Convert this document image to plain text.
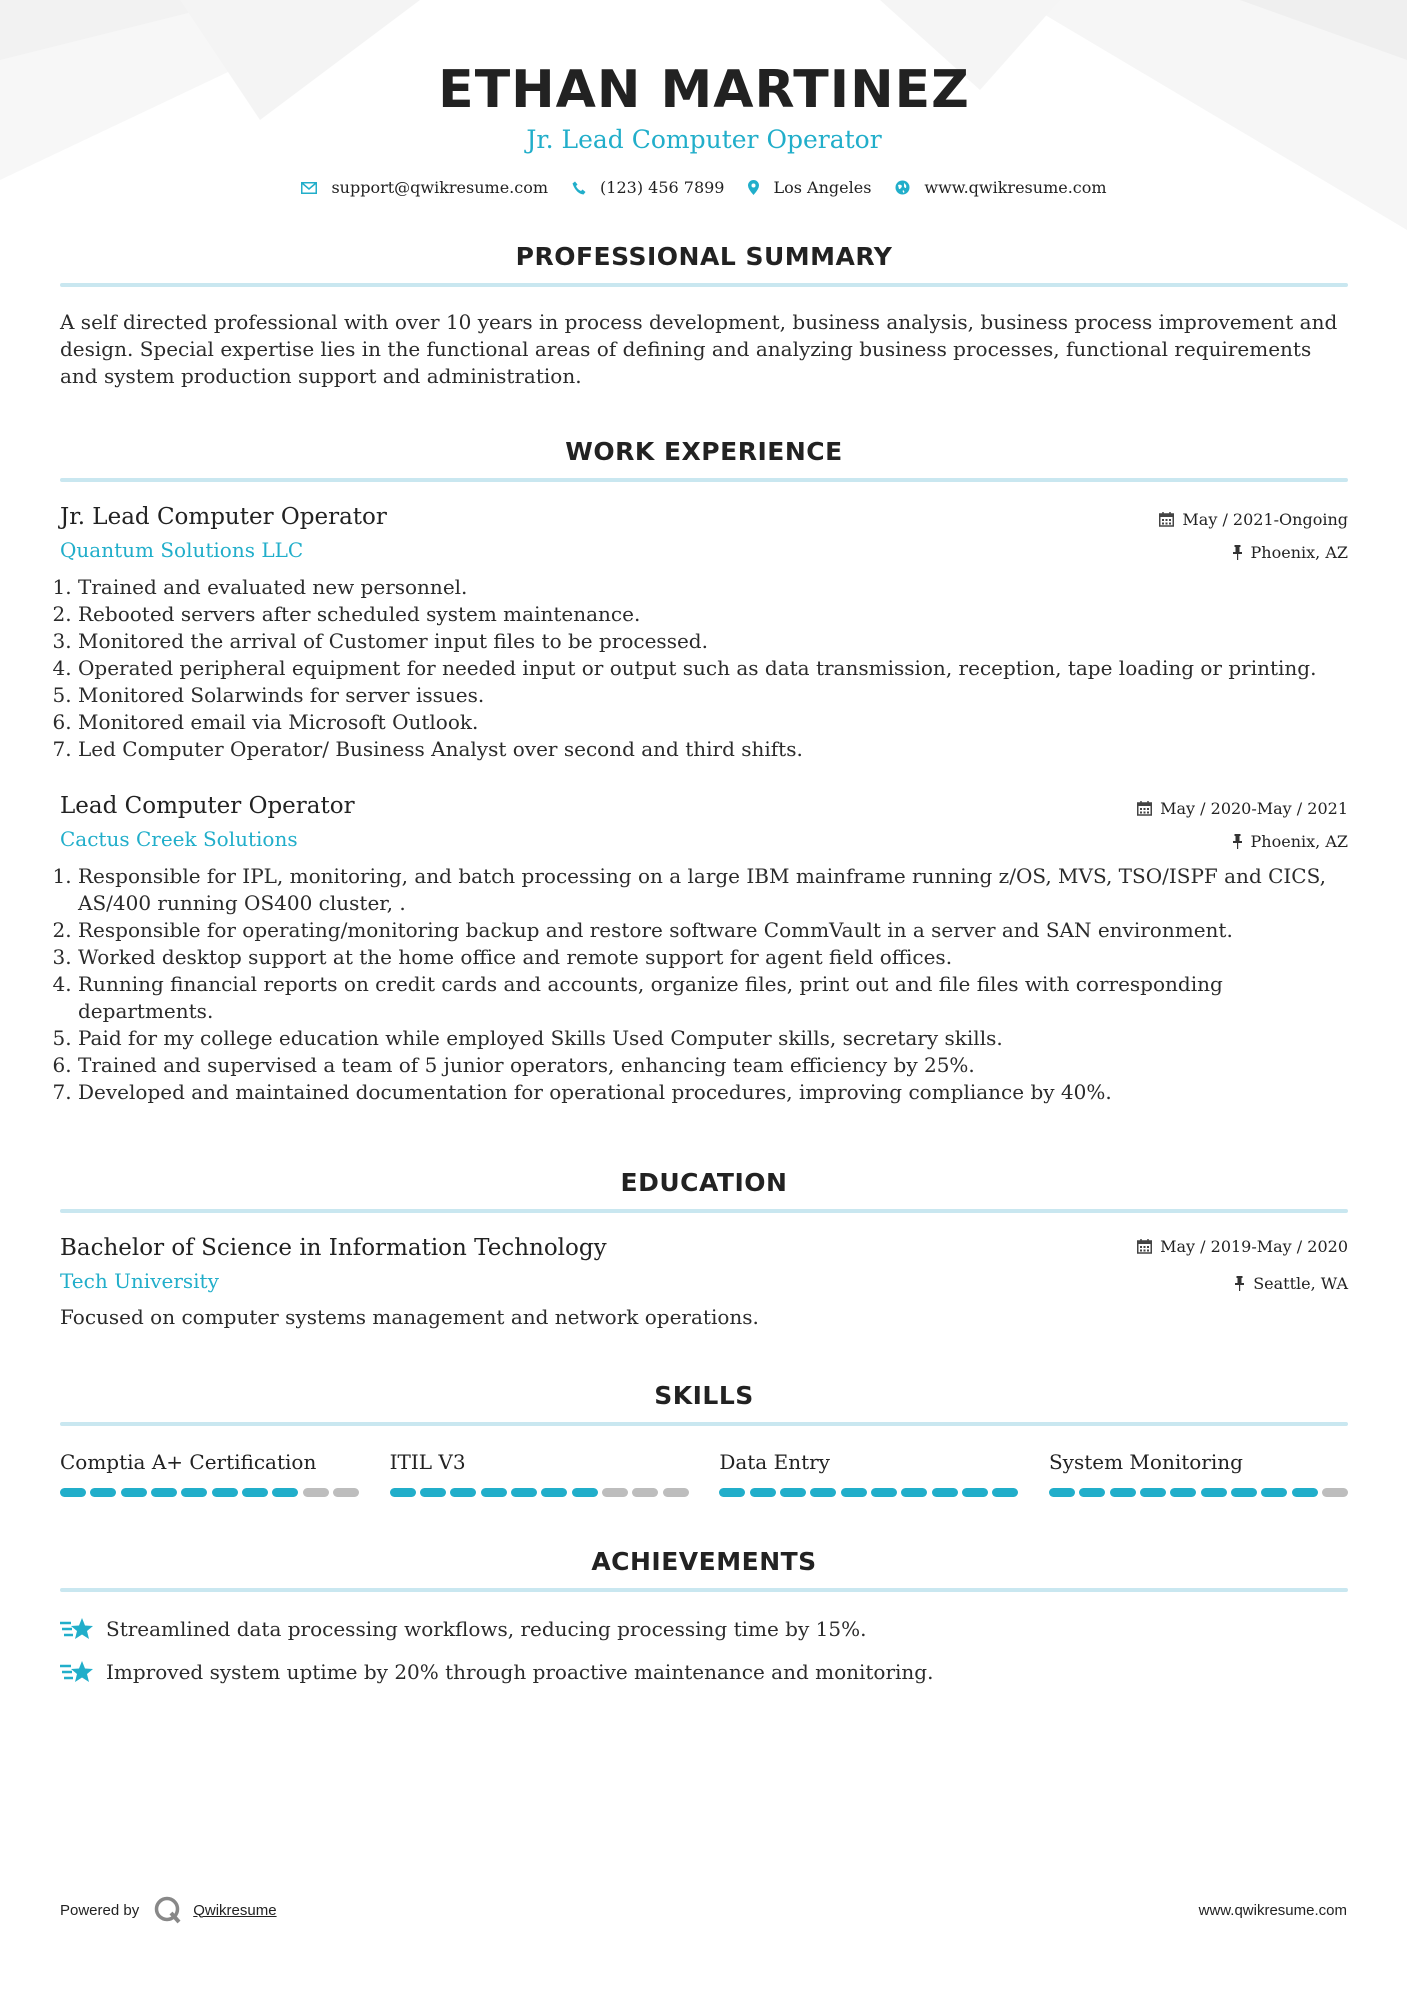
ETHAN MARTINEZ
Jr. Lead Computer Operator
support@qwikresume.com	(123) 456 7899	Los Angeles	www.qwikresume.com
PROFESSIONAL SUMMARY
A self directed professional with over 10 years in process development, business analysis, business process improvement and design. Special expertise lies in the functional areas of defining and analyzing business processes, functional requirements and system production support and administration.
WORK EXPERIENCE
Jr. Lead Computer Operator
Quantum Solutions LLC
May / 2021-Ongoing
Phoenix, AZ
1. Trained and evaluated new personnel.
2. Rebooted servers after scheduled system maintenance.
3. Monitored the arrival of Customer input files to be processed.
4. Operated peripheral equipment for needed input or output such as data transmission, reception, tape loading or printing.
5. Monitored Solarwinds for server issues.
6. Monitored email via Microsoft Outlook.
7. Led Computer Operator/ Business Analyst over second and third shifts.
Lead Computer Operator
Cactus Creek Solutions
May / 2020-May / 2021
Phoenix, AZ
1. Responsible for IPL, monitoring, and batch processing on a large IBM mainframe running z/OS, MVS, TSO/ISPF and CICS, AS/400 running OS400 cluster, .
2. Responsible for operating/monitoring backup and restore software CommVault in a server and SAN environment.
3. Worked desktop support at the home office and remote support for agent field offices.
4. Running financial reports on credit cards and accounts, organize files, print out and file files with corresponding departments.
5. Paid for my college education while employed Skills Used Computer skills, secretary skills.
6. Trained and supervised a team of 5 junior operators, enhancing team efficiency by 25%.
7. Developed and maintained documentation for operational procedures, improving compliance by 40%.
EDUCATION
Bachelor of Science in Information Technology
Tech University
May / 2019-May / 2020
Seattle, WA
Focused on computer systems management and network operations.
SKILLS
Comptia A+ Certification	ITIL V3	Data Entry	System Monitoring
ACHIEVEMENTS
Streamlined data processing workflows, reducing processing time by 15%.
Improved system uptime by 20% through proactive maintenance and monitoring.
Powered by	Qwikresume	www.qwikresume.com
